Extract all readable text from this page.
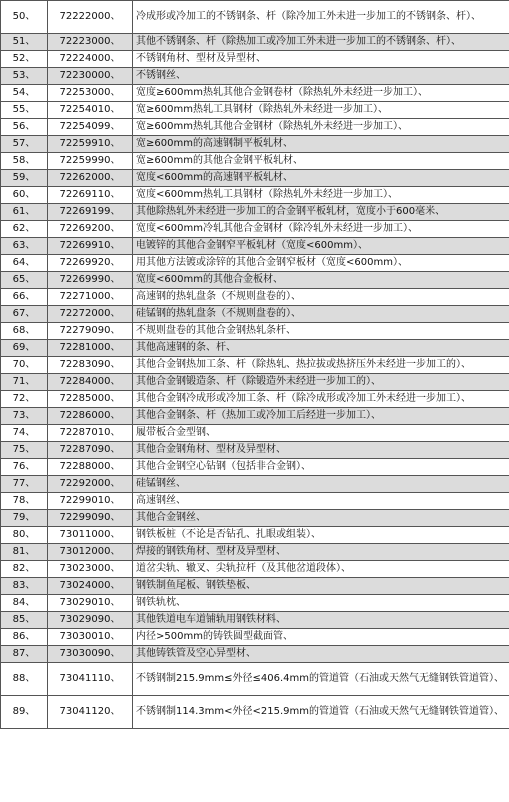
50、	72222000、	冷成形或冷加工的不锈钢条、杆（除冷加工外未进一步加工的不锈钢条、杆）、
51、	72223000、	其他不锈钢条、杆（除热加工或冷加工外未进一步加工的不锈钢条、杆）、
52、	72224000、	不锈钢角材、型材及异型材、
53、	72230000、	不锈钢丝、
54、	72253000、	宽度≥600mm热轧其他合金钢卷材（除热轧外未经进一步加工）、
55、	72254010、	宽≥600mm热轧工具钢材（除热轧外未经进一步加工）、
56、	72254099、	宽≥600mm热轧其他合金钢材（除热轧外未经进一步加工）、
57、	72259910、	宽≥600mm的高速钢制平板轧材、
58、	72259990、	宽≥600mm的其他合金钢平板轧材、
59、	72262000、	宽度<600mm的高速钢平板轧材、
60、	72269110、	宽度<600mm热轧工具钢材（除热轧外未经进一步加工）、
61、	72269199、	其他除热轧外未经进一步加工的合金钢平板轧材，宽度小于600毫米、
62、	72269200、	宽度<600mm冷轧其他合金钢材（除冷轧外未经进一步加工）、
63、	72269910、	电镀锌的其他合金钢窄平板轧材（宽度<600mm）、
64、	72269920、	用其他方法镀或涂锌的其他合金钢窄板材（宽度<600mm）、
65、	72269990、	宽度<600mm的其他合金板材、
66、	72271000、	高速钢的热轧盘条（不规则盘卷的）、
67、	72272000、	硅锰钢的热轧盘条（不规则盘卷的）、
68、	72279090、	不规则盘卷的其他合金钢热轧条杆、
69、	72281000、	其他高速钢的条、杆、
70、	72283090、	其他合金钢热加工条、杆（除热轧、热拉拔或热挤压外未经进一步加工的）、
71、	72284000、	其他合金钢锻造条、杆（除锻造外未经进一步加工的）、
72、	72285000、	其他合金钢冷成形或冷加工条、杆（除冷成形或冷加工外未经进一步加工）、
73、	72286000、	其他合金钢条、杆（热加工或冷加工后经进一步加工）、
74、	72287010、	履带板合金型钢、
75、	72287090、	其他合金钢角材、型材及异型材、
76、	72288000、	其他合金钢空心钻钢（包括非合金钢）、
77、	72292000、	硅锰钢丝、
78、	72299010、	高速钢丝、
79、	72299090、	其他合金钢丝、
80、	73011000、	钢铁板桩（不论是否钻孔、扎眼或组装）、
81、	73012000、	焊接的钢铁角材、型材及异型材、
82、	73023000、	道岔尖轨、辙叉、尖轨拉杆（及其他岔道段体）、
83、	73024000、	钢铁制鱼尾板、钢铁垫板、
84、	73029010、	钢铁轨枕、
85、	73029090、	其他铁道电车道铺轨用钢铁材料、
86、	73030010、	内径>500mm的铸铁圆型截面管、
87、	73030090、	其他铸铁管及空心异型材、
88、	73041110、	不锈钢制215.9mm≤外径≤406.4mm的管道管（石油或天然气无缝钢铁管道管）、
89、	73041120、	不锈钢制114.3mm<外径<215.9mm的管道管（石油或天然气无缝钢铁管道管）、
